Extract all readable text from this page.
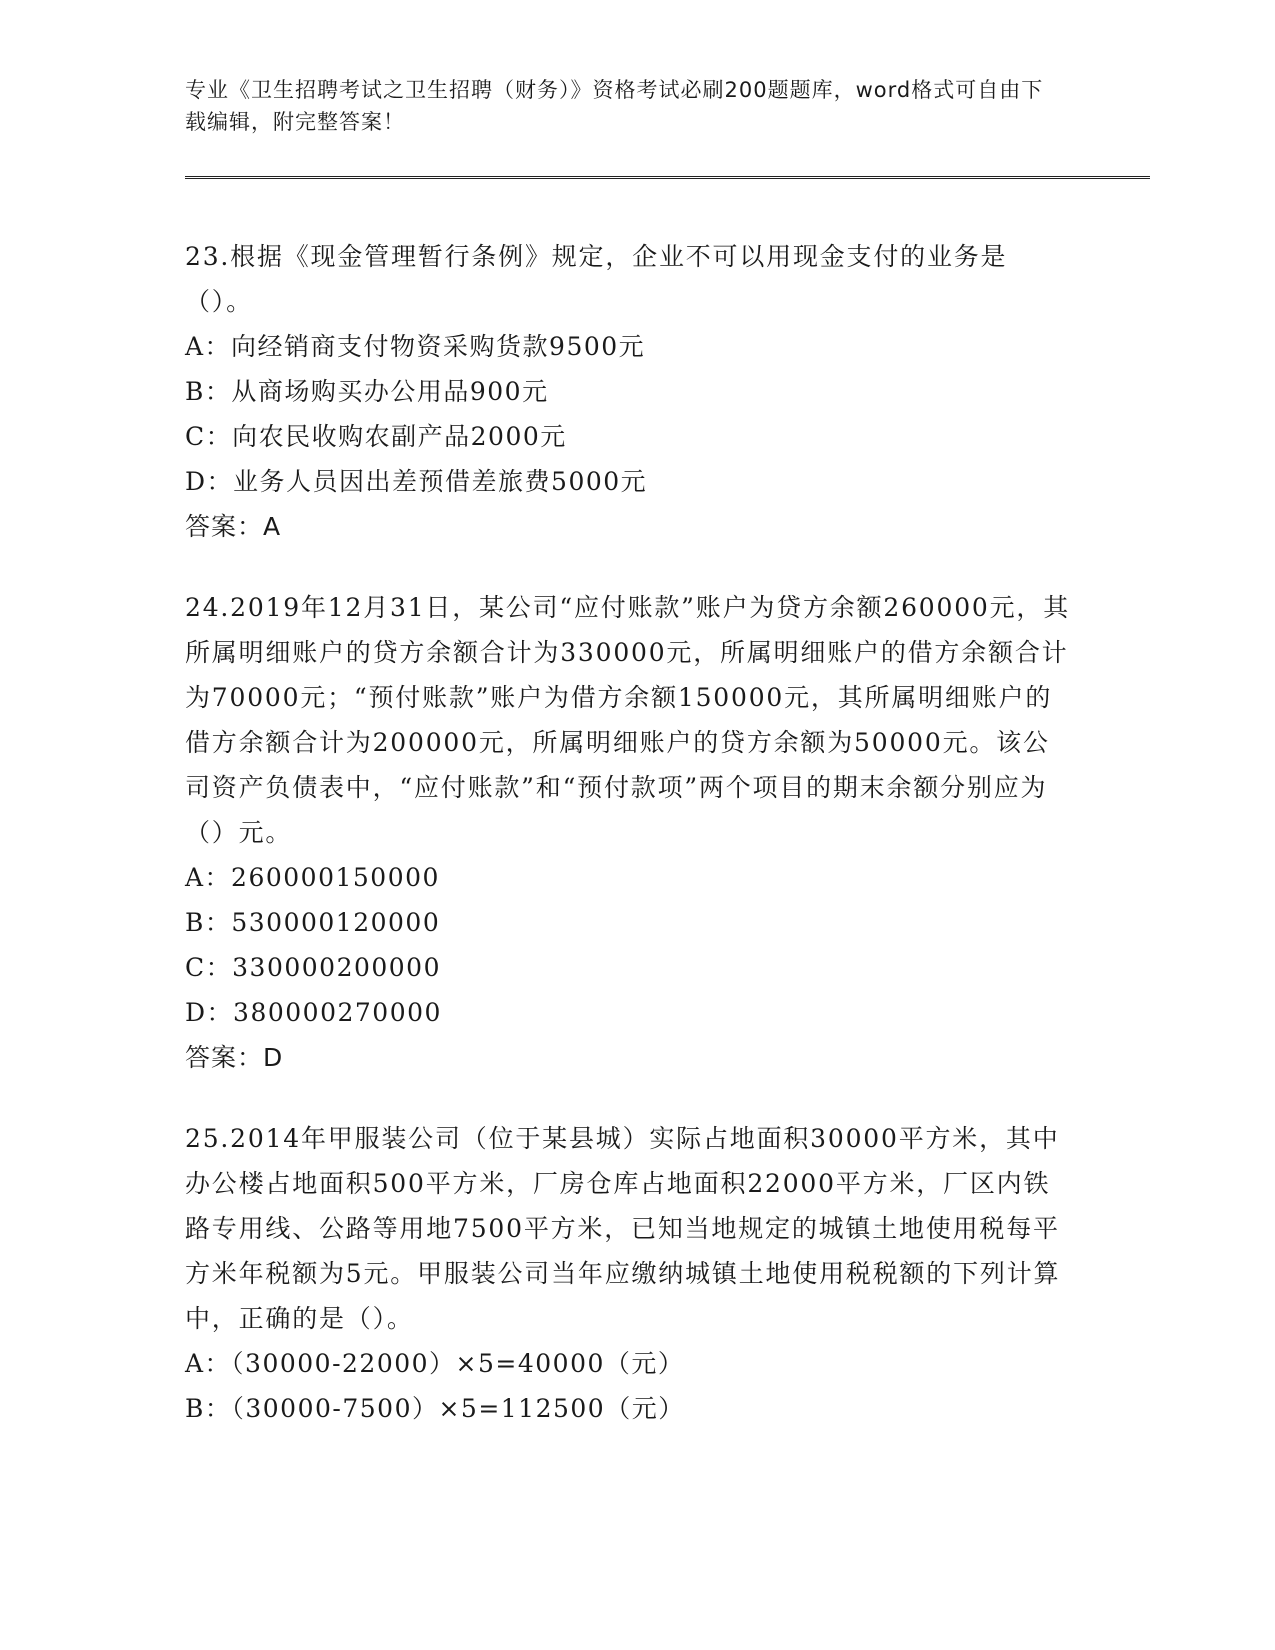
专业《卫生招聘考试之卫生招聘（财务）》资格考试必刷200题题库，word格式可自由下载编辑，附完整答案！

23.根据《现金管理暂行条例》规定，企业不可以用现金支付的业务是（）。

A：向经销商支付物资采购货款9500元

B：从商场购买办公用品900元

C：向农民收购农副产品2000元

D：业务人员因出差预借差旅费5000元

答案：A

24.2019年12月31日，某公司“应付账款”账户为贷方余额260000元，其所属明细账户的贷方余额合计为330000元，所属明细账户的借方余额合计为70000元；“预付账款”账户为借方余额150000元，其所属明细账户的借方余额合计为200000元，所属明细账户的贷方余额为50000元。该公司资产负债表中，“应付账款”和“预付款项”两个项目的期末余额分别应为（）元。

A：260000150000

B：530000120000

C：330000200000

D：380000270000

答案：D

25.2014年甲服装公司（位于某县城）实际占地面积30000平方米，其中办公楼占地面积500平方米，厂房仓库占地面积22000平方米，厂区内铁路专用线、公路等用地7500平方米，已知当地规定的城镇土地使用税每平方米年税额为5元。甲服装公司当年应缴纳城镇土地使用税税额的下列计算中，正确的是（）。

A：（30000-22000）×5=40000（元）

B：（30000-7500）×5=112500（元）
